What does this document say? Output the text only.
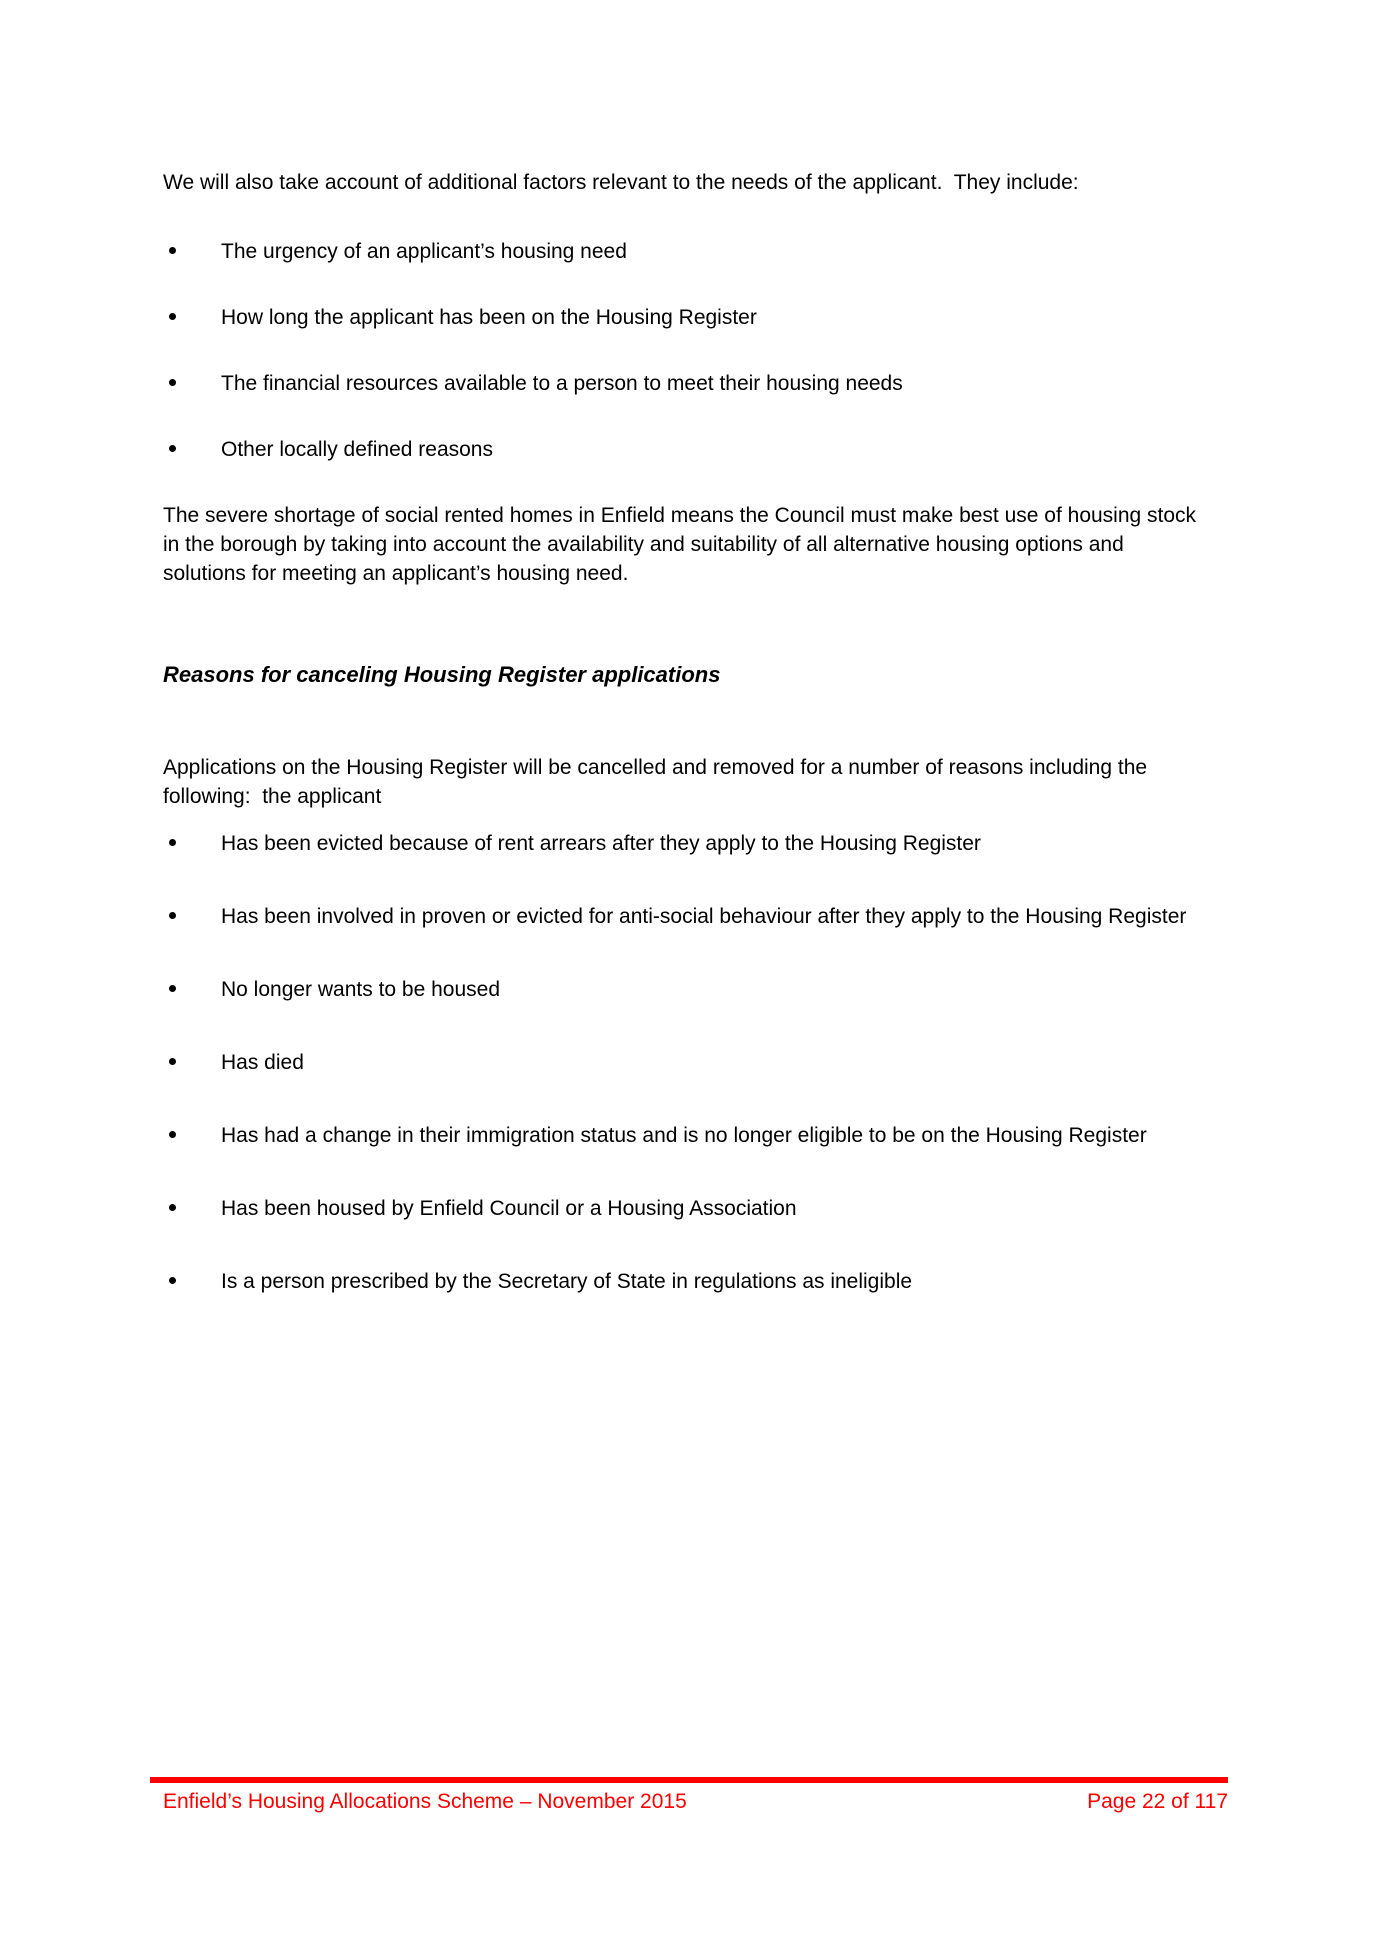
We will also take account of additional factors relevant to the needs of the applicant.  They include:

The urgency of an applicant’s housing need
How long the applicant has been on the Housing Register
The financial resources available to a person to meet their housing needs
Other locally defined reasons

The severe shortage of social rented homes in Enfield means the Council must make best use of housing stock in the borough by taking into account the availability and suitability of all alternative housing options and solutions for meeting an applicant’s housing need.

Reasons for canceling Housing Register applications

Applications on the Housing Register will be cancelled and removed for a number of reasons including the following:  the applicant

Has been evicted because of rent arrears after they apply to the Housing Register
Has been involved in proven or evicted for anti-social behaviour after they apply to the Housing Register
No longer wants to be housed
Has died
Has had a change in their immigration status and is no longer eligible to be on the Housing Register
Has been housed by Enfield Council or a Housing Association
Is a person prescribed by the Secretary of State in regulations as ineligible
Enfield’s Housing Allocations Scheme – November 2015	Page 22 of 117
